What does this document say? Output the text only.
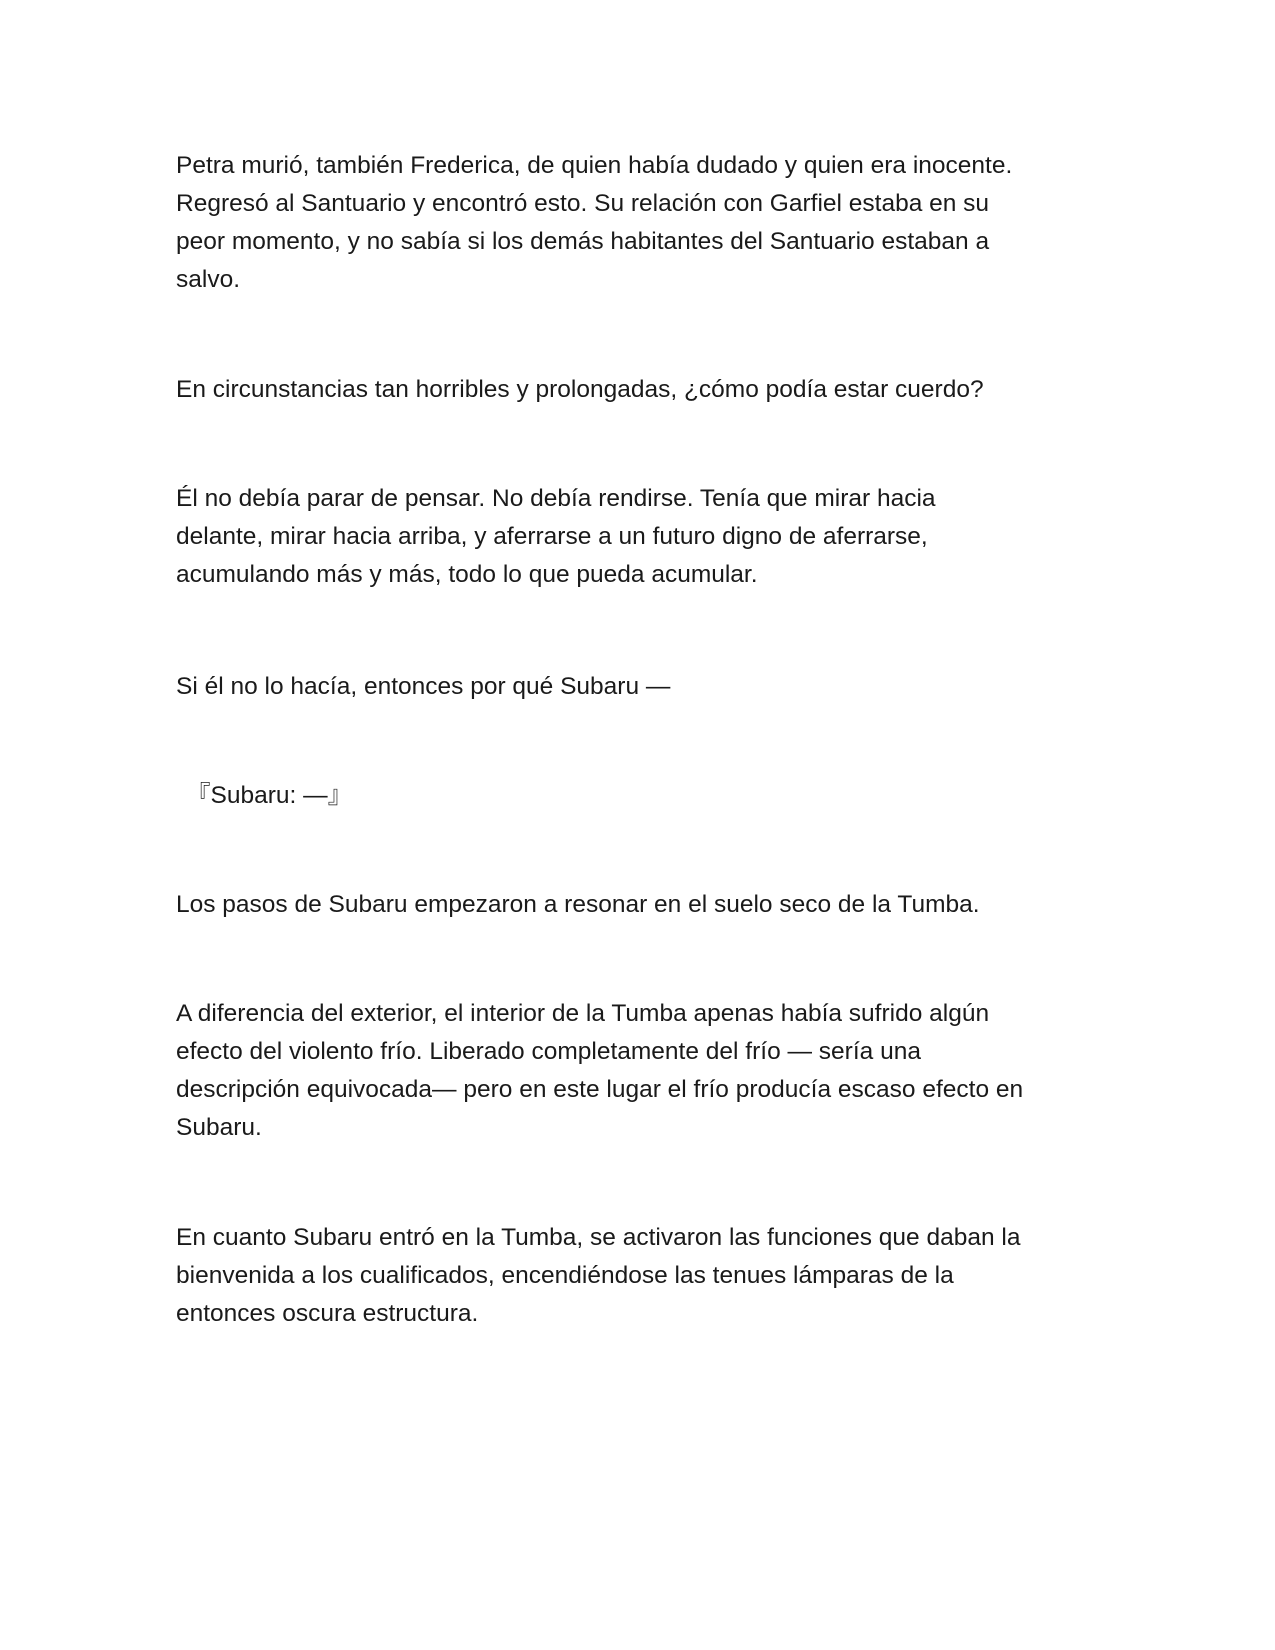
Petra murió, también Frederica, de quien había dudado y quien era inocente.
Regresó al Santuario y encontró esto. Su relación con Garfiel estaba en su
peor momento, y no sabía si los demás habitantes del Santuario estaban a
salvo.

En circunstancias tan horribles y prolongadas, ¿cómo podía estar cuerdo?

Él no debía parar de pensar. No debía rendirse. Tenía que mirar hacia
delante, mirar hacia arriba, y aferrarse a un futuro digno de aferrarse,
acumulando más y más, todo lo que pueda acumular.

Si él no lo hacía, entonces por qué Subaru —

『Subaru: —』

Los pasos de Subaru empezaron a resonar en el suelo seco de la Tumba.

A diferencia del exterior, el interior de la Tumba apenas había sufrido algún
efecto del violento frío. Liberado completamente del frío — sería una
descripción equivocada— pero en este lugar el frío producía escaso efecto en
Subaru.

En cuanto Subaru entró en la Tumba, se activaron las funciones que daban la
bienvenida a los cualificados, encendiéndose las tenues lámparas de la
entonces oscura estructura.
